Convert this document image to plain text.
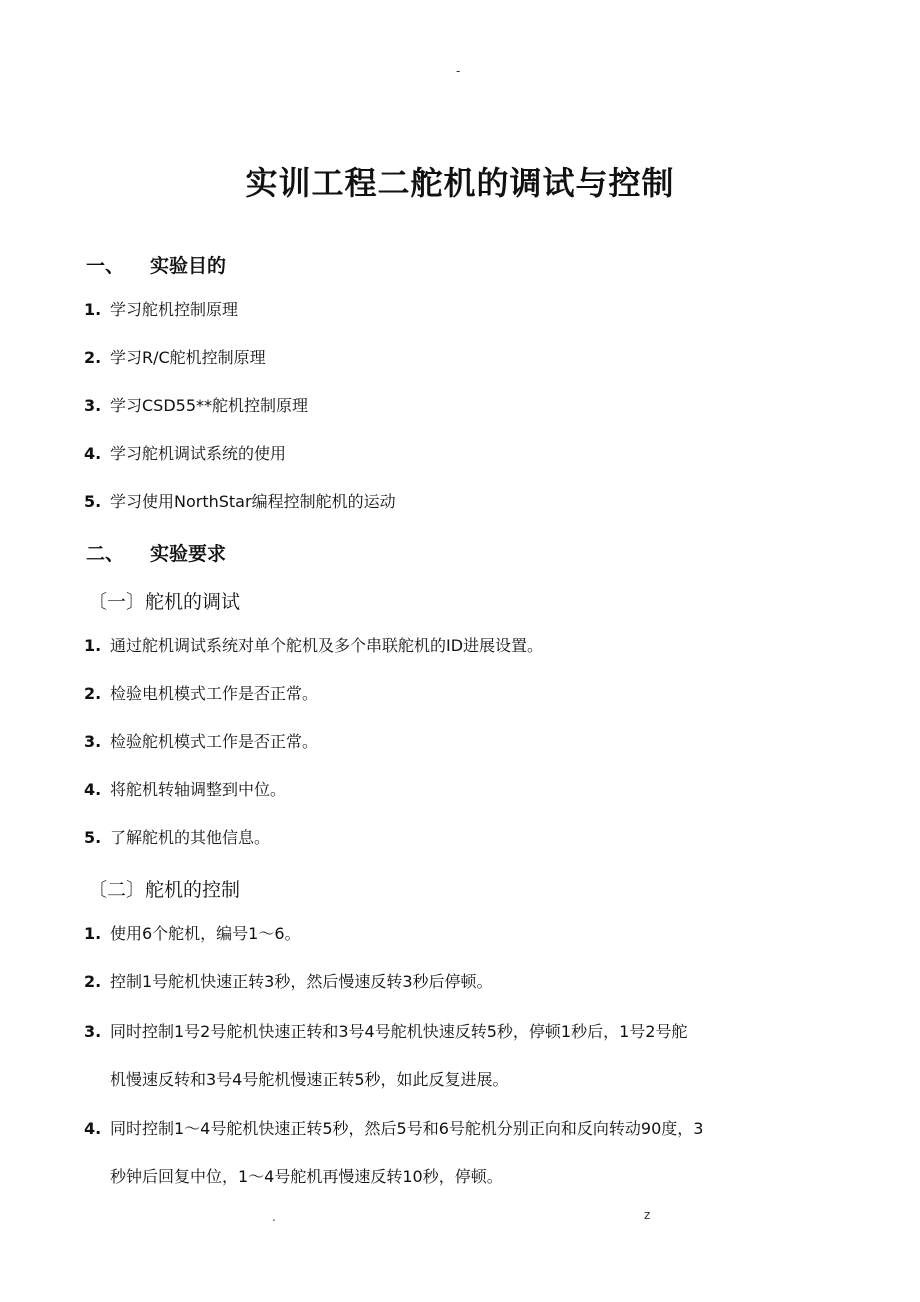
-
实训工程二舵机的调试与控制
一、 实验目的
1. 学习舵机控制原理
2. 学习R/C舵机控制原理
3. 学习CSD55**舵机控制原理
4. 学习舵机调试系统的使用
5. 学习使用NorthStar编程控制舵机的运动
二、 实验要求
〔一〕舵机的调试
1. 通过舵机调试系统对单个舵机及多个串联舵机的ID进展设置。
2. 检验电机模式工作是否正常。
3. 检验舵机模式工作是否正常。
4. 将舵机转轴调整到中位。
5. 了解舵机的其他信息。
〔二〕舵机的控制
1. 使用6个舵机，编号1～6。
2. 控制1号舵机快速正转3秒，然后慢速反转3秒后停顿。
3. 同时控制1号2号舵机快速正转和3号4号舵机快速反转5秒，停顿1秒后，1号2号舵
机慢速反转和3号4号舵机慢速正转5秒，如此反复进展。
4. 同时控制1～4号舵机快速正转5秒，然后5号和6号舵机分别正向和反向转动90度，3
秒钟后回复中位，1～4号舵机再慢速反转10秒，停顿。
.	z
